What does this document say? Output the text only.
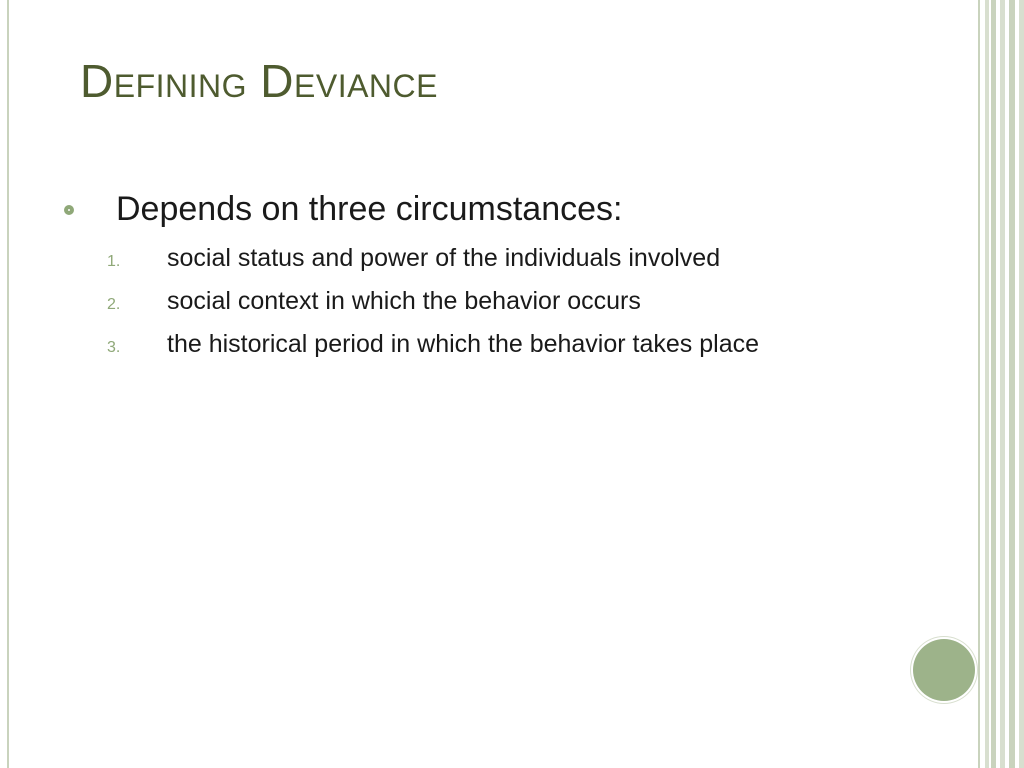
Defining Deviance
Depends on three circumstances:
1.	social status and power of the individuals involved
2.	social context in which the behavior occurs
3.	the historical period in which the behavior takes place
